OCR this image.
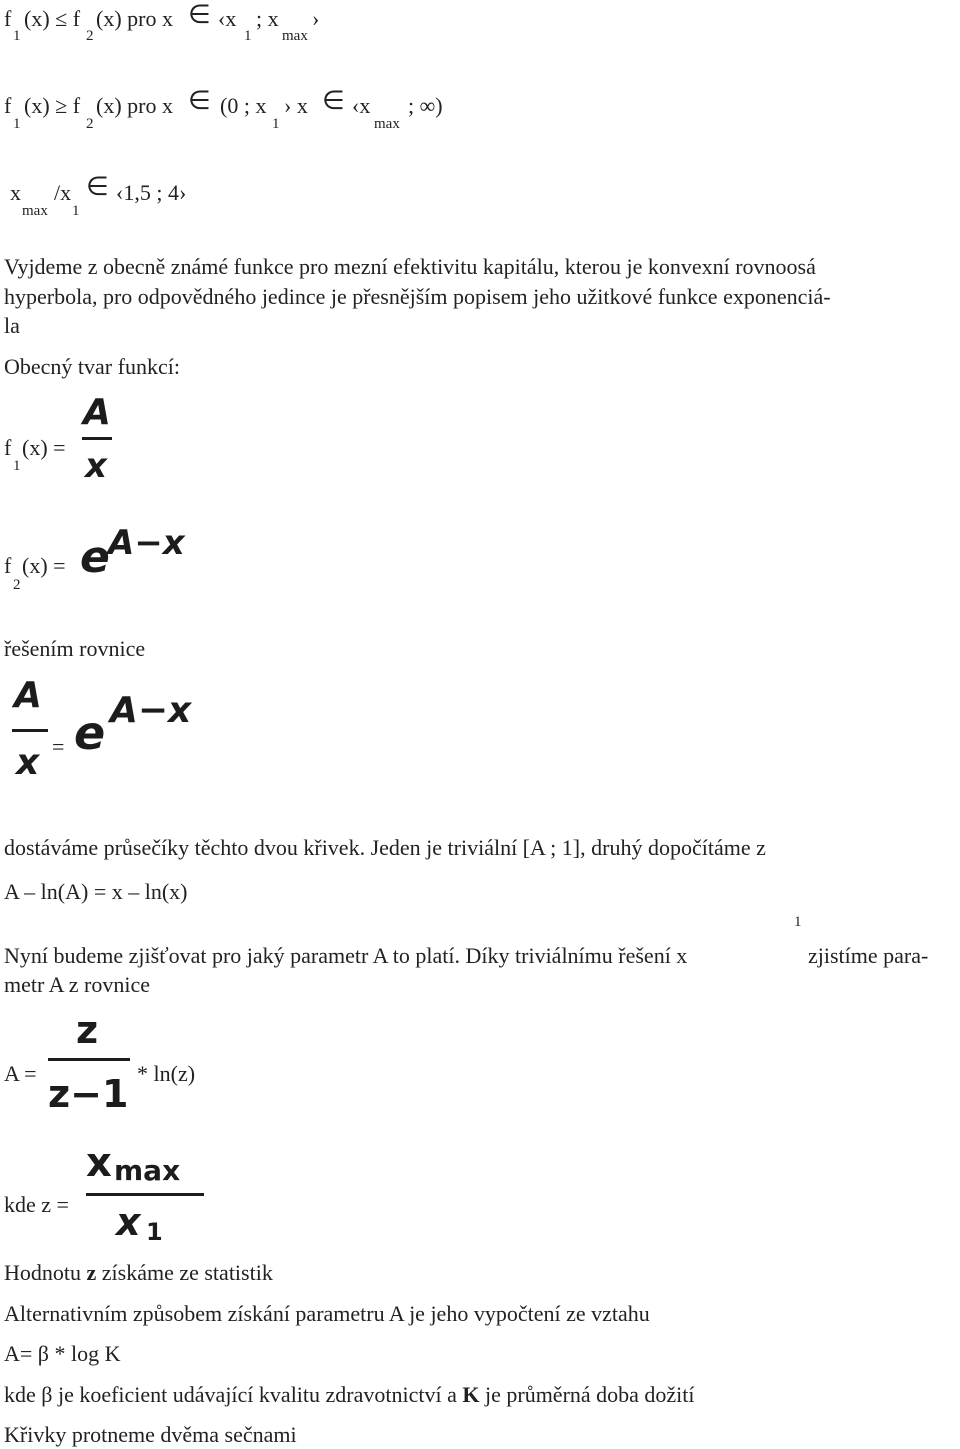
f
1
(x) ≤ f
2
(x) pro x ∈ ‹x
1
; x
max
›
f
1
(x) ≥ f
2
(x) pro x ∈ (0 ; x
1
› x ∈ ‹x
max
; ∞)
x
max
/x
1
∈ ‹1,5 ; 4›
Vyjdeme z obecně známé funkce pro mezní efektivitu kapitálu, kterou je konvexní rovnoosá
hyperbola, pro odpovědného jedince je přesnějším popisem jeho užitkové funkce exponenciá-
la
Obecný tvar funkcí:
f
1
(x) =
A
x
f
2
(x) = e
A−x
řešením rovnice
A
x = e A−x
dostáváme průsečíky těchto dvou křivek. Jeden je triviální [A ; 1], druhý dopočítáme z
A – ln(A) = x – ln(x)
Nyní budeme zjišťovat pro jaký parametr A to platí. Díky triviálnímu řešení x
1
zjistíme para-
metr A z rovnice
A =
z
z−1 * ln(z)
kde z =
x max
x 1
Hodnotu z získáme ze statistik
Alternativním způsobem získání parametru A je jeho vypočtení ze vztahu
A= β * log K
kde β je koeficient udávající kvalitu zdravotnictví a K je průměrná doba dožití
Křivky protneme dvěma sečnami
